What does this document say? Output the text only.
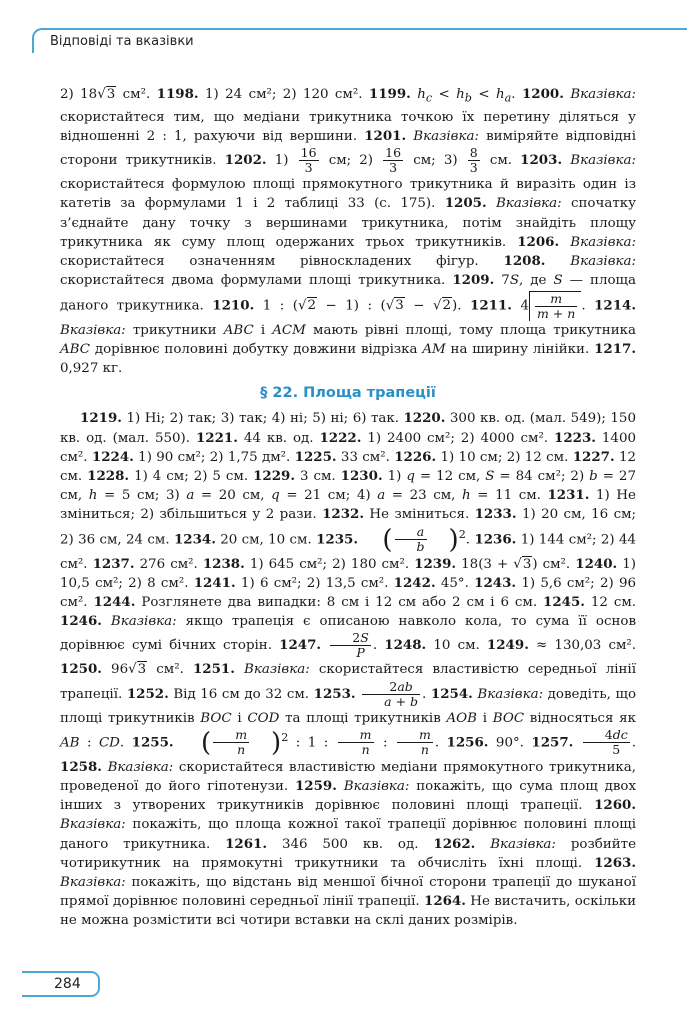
Відповіді та вказівки

2) 18√3 см². 1198. 1) 24 см²; 2) 120 см². 1199. $h_c < h_b < h_a$. 1200. Вказівка: скористайтеся тим, що медіани трикутника точкою їх перетину діляться у відношенні 2 : 1, рахуючи від вершини. 1201. Вказівка: виміряйте відповідні сторони трикутників. 1202. $1) \frac{16}{3}$ см; $2) \frac{16}{3}$ см; $3) \frac{8}{3}$ см. 1203. Вказівка: скористайтеся формулою площі прямокутного трикутника й виразіть один із катетів за формулами 1 і 2 таблиці 33 (с. 175). 1205. Вказівка: спочатку з’єднайте дану точку з вершинами трикутника, потім знайдіть площу трикутника як суму площ одержаних трьох трикутників. 1206. Вказівка: скористайтеся означенням рівноскладених фігур. 1208. Вказівка: скористайтеся двома формулами площі трикутника. 1209. 7S, де S — площа даного трикутника. 1210. 1 : (√2 − 1) : (√3 − √2). 1211. $4 \frac{m}{m + n}$ . 1214. Вказівка: трикутники ABC і ACM мають рівні площі, тому площа трикутника ABC дорівнює половині добутку довжини відрізка AM на ширину лінійки. 1217. 0,927 кг.

§ 22. Площа трапеції

1219. 1) Ні; 2) так; 3) так; 4) ні; 5) ні; 6) так. 1220. 300 кв. од. (мал. 549); 150 кв. од. (мал. 550). 1221. 44 кв. од. 1222. 1) 2400 см²; 2) 4000 см². 1223. 1400 см². 1224. 1) 90 см²; 2) 1,75 дм². 1225. 33 см². 1226. 1) 10 см; 2) 12 см. 1227. 12 см. 1228. 1) 4 см; 2) 5 см. 1229. 3 см. 1230. 1) q = 12 см, S = 84 см²; 2) b = 27 см, h = 5 см; 3) a = 20 см, q = 21 см; 4) a = 23 см, h = 11 см. 1231. 1) Не зміниться; 2) збільшиться у 2 рази. 1232. Не зміниться. 1233. 1) 20 см, 16 см; 2) 36 см, 24 см. 1234. 20 см, 10 см. 1235. ( $\frac{a}{b} )^2$. 1236. 1) 144 см²; 2) 44 см². 1237. 276 см². 1238. 1) 645 см²; 2) 180 см². 1239. 18(3 + √3) см². 1240. 1) 10,5 см²; 2) 8 см². 1241. 1) 6 см²; 2) 13,5 см². 1242. 45°. 1243. 1) 5,6 см²; 2) 96 см². 1244. Розглянете два випадки: 8 см і 12 см або 2 см і 6 см. 1245. 12 см. 1246. Вказівка: якщо трапеція є описаною навколо кола, то сума її основ дорівнює сумі бічних сторін. 1247. $\frac{2S}{P}$ . 1248. 10 см. 1249. ≈ 130,03 см². 1250. 96√3 см². 1251. Вказівка: скористайтеся властивістю середньої лінії трапеції. 1252. Від 16 см до 32 см. 1253. $\frac{2ab}{a + b}$ . 1254. Вказівка: доведіть, що площі трикутників BOC і COD та площі трикутників AOB і BOC відносяться як AB : CD. 1255. ( $\frac{m}{n} )^2$ : 1 : $\frac{m}{n}$ : $\frac{m}{n}$ . 1256. 90°. 1257. $\frac{4dc}{5}$ . 1258. Вказівка: скористайтеся властивістю медіани прямокутного трикутника, проведеної до його гіпотенузи. 1259. Вказівка: покажіть, що сума площ двох інших з утворених трикутників дорівнює половині площі трапеції. 1260. Вказівка: покажіть, що площа кожної такої трапеції дорівнює половині площі даного трикутника. 1261. 346 500 кв. од. 1262. Вказівка: розбийте чотирикутник на прямокутні трикутники та обчисліть їхні площі. 1263. Вказівка: покажіть, що відстань від меншої бічної сторони трапеції до шуканої прямої дорівнює половині середньої лінії трапеції. 1264. Не вистачить, оскільки не можна розмістити всі чотири вставки на склі даних розмірів.

284
